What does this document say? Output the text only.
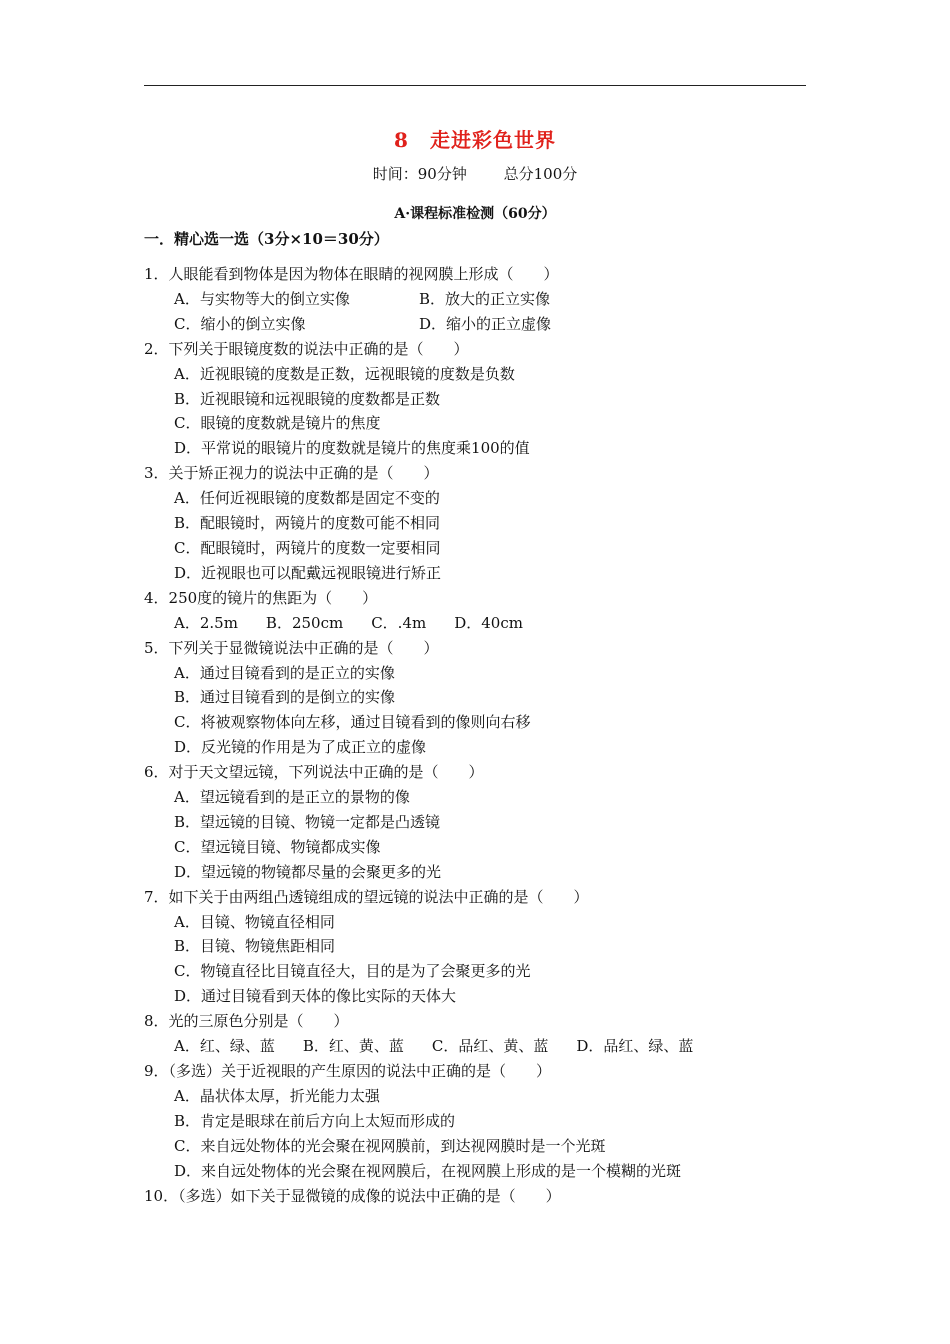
8　走进彩色世界
时间：90分钟 总分100分
A·课程标准检测（60分）
一．精心选一选（3分×10＝30分）
1．人眼能看到物体是因为物体在眼睛的视网膜上形成（　　）
A．与实物等大的倒立实像	B．放大的正立实像
C．缩小的倒立实像	D．缩小的正立虚像
2．下列关于眼镜度数的说法中正确的是（　　）
A．近视眼镜的度数是正数，远视眼镜的度数是负数
B．近视眼镜和远视眼镜的度数都是正数
C．眼镜的度数就是镜片的焦度
D．平常说的眼镜片的度数就是镜片的焦度乘100的值
3．关于矫正视力的说法中正确的是（　　）
A．任何近视眼镜的度数都是固定不变的
B．配眼镜时，两镜片的度数可能不相同
C．配眼镜时，两镜片的度数一定要相同
D．近视眼也可以配戴远视眼镜进行矫正
4．250度的镜片的焦距为（　　）
A．2.5m B．250cm C．.4m D．40cm
5．下列关于显微镜说法中正确的是（　　）
A．通过目镜看到的是正立的实像
B．通过目镜看到的是倒立的实像
C．将被观察物体向左移，通过目镜看到的像则向右移
D．反光镜的作用是为了成正立的虚像
6．对于天文望远镜，下列说法中正确的是（　　）
A．望远镜看到的是正立的景物的像
B．望远镜的目镜、物镜一定都是凸透镜
C．望远镜目镜、物镜都成实像
D．望远镜的物镜都尽量的会聚更多的光
7．如下关于由两组凸透镜组成的望远镜的说法中正确的是（　　）
A．目镜、物镜直径相同
B．目镜、物镜焦距相同
C．物镜直径比目镜直径大，目的是为了会聚更多的光
D．通过目镜看到天体的像比实际的天体大
8．光的三原色分别是（　　）
A．红、绿、蓝 B．红、黄、蓝 C．品红、黄、蓝 D．品红、绿、蓝
9．（多选）关于近视眼的产生原因的说法中正确的是（　　）
A．晶状体太厚，折光能力太强
B．肯定是眼球在前后方向上太短而形成的
C．来自远处物体的光会聚在视网膜前，到达视网膜时是一个光斑
D．来自远处物体的光会聚在视网膜后，在视网膜上形成的是一个模糊的光斑
10．（多选）如下关于显微镜的成像的说法中正确的是（　　）
